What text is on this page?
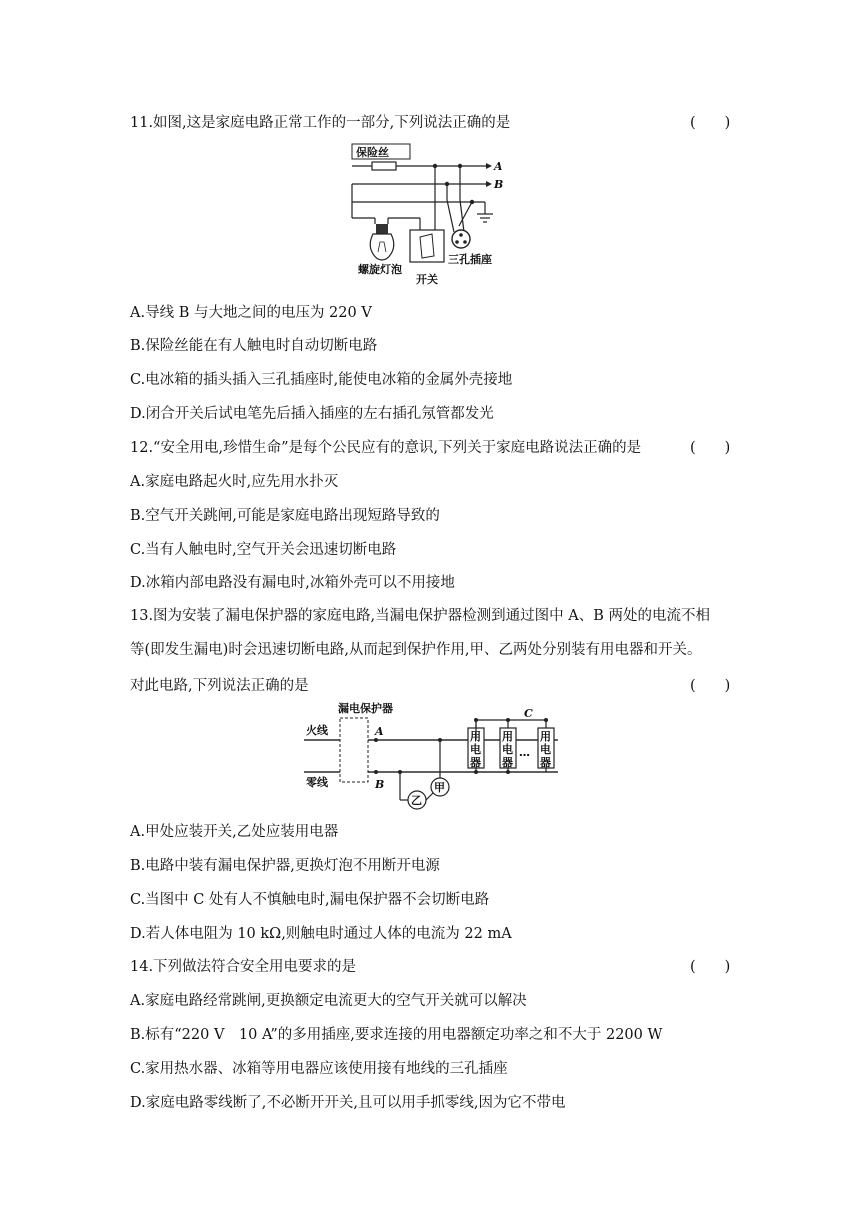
11.如图,这是家庭电路正常工作的一部分,下列说法正确的是	(　　)
保险丝
A
B
螺旋灯泡
开关
三孔插座
A.导线 B 与大地之间的电压为 220 V
B.保险丝能在有人触电时自动切断电路
C.电冰箱的插头插入三孔插座时,能使电冰箱的金属外壳接地
D.闭合开关后试电笔先后插入插座的左右插孔氖管都发光
12.“安全用电,珍惜生命”是每个公民应有的意识,下列关于家庭电路说法正确的是	(　　)
A.家庭电路起火时,应先用水扑灭
B.空气开关跳闸,可能是家庭电路出现短路导致的
C.当有人触电时,空气开关会迅速切断电路
D.冰箱内部电路没有漏电时,冰箱外壳可以不用接地
13.图为安装了漏电保护器的家庭电路,当漏电保护器检测到通过图中 A、B 两处的电流不相
等(即发生漏电)时会迅速切断电路,从而起到保护作用,甲、乙两处分别装有用电器和开关。
对此电路,下列说法正确的是	(　　)
漏电保护器
火线
零线
A
B
乙
甲
用
电
器
用
电
器
…
用
电
器
C
A.甲处应装开关,乙处应装用电器
B.电路中装有漏电保护器,更换灯泡不用断开电源
C.当图中 C 处有人不慎触电时,漏电保护器不会切断电路
D.若人体电阻为 10 kΩ,则触电时通过人体的电流为 22 mA
14.下列做法符合安全用电要求的是	(　　)
A.家庭电路经常跳闸,更换额定电流更大的空气开关就可以解决
B.标有“220 V　10 A”的多用插座,要求连接的用电器额定功率之和不大于 2200 W
C.家用热水器、冰箱等用电器应该使用接有地线的三孔插座
D.家庭电路零线断了,不必断开开关,且可以用手抓零线,因为它不带电
